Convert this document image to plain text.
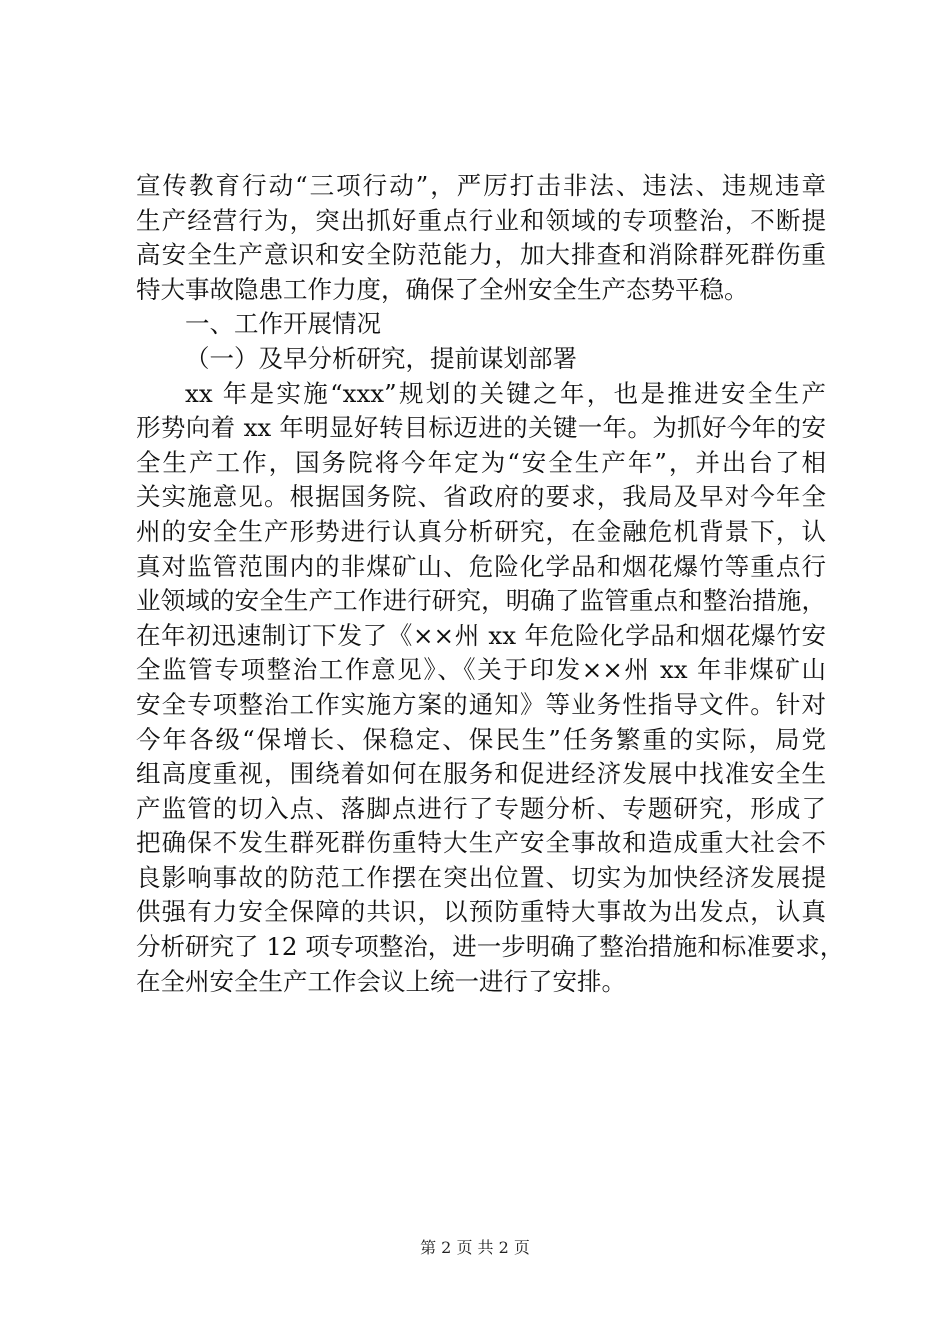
宣传教育行动“三项行动”，严厉打击非法、违法、违规违章
生产经营行为，突出抓好重点行业和领域的专项整治，不断提
高安全生产意识和安全防范能力，加大排查和消除群死群伤重
特大事故隐患工作力度，确保了全州安全生产态势平稳。
一、工作开展情况
（一）及早分析研究，提前谋划部署
xx 年是实施“xxx”规划的关键之年，也是推进安全生产
形势向着 xx 年明显好转目标迈进的关键一年。为抓好今年的安
全生产工作，国务院将今年定为“安全生产年”，并出台了相
关实施意见。根据国务院、省政府的要求，我局及早对今年全
州的安全生产形势进行认真分析研究，在金融危机背景下，认
真对监管范围内的非煤矿山、危险化学品和烟花爆竹等重点行
业领域的安全生产工作进行研究，明确了监管重点和整治措施，
在年初迅速制订下发了《××州 xx 年危险化学品和烟花爆竹安
全监管专项整治工作意见》、《关于印发××州 xx 年非煤矿山
安全专项整治工作实施方案的通知》等业务性指导文件。针对
今年各级“保增长、保稳定、保民生”任务繁重的实际，局党
组高度重视，围绕着如何在服务和促进经济发展中找准安全生
产监管的切入点、落脚点进行了专题分析、专题研究，形成了
把确保不发生群死群伤重特大生产安全事故和造成重大社会不
良影响事故的防范工作摆在突出位置、切实为加快经济发展提
供强有力安全保障的共识，以预防重特大事故为出发点，认真
分析研究了 12 项专项整治，进一步明确了整治措施和标准要求，
在全州安全生产工作会议上统一进行了安排。
第 2 页 共 2 页
